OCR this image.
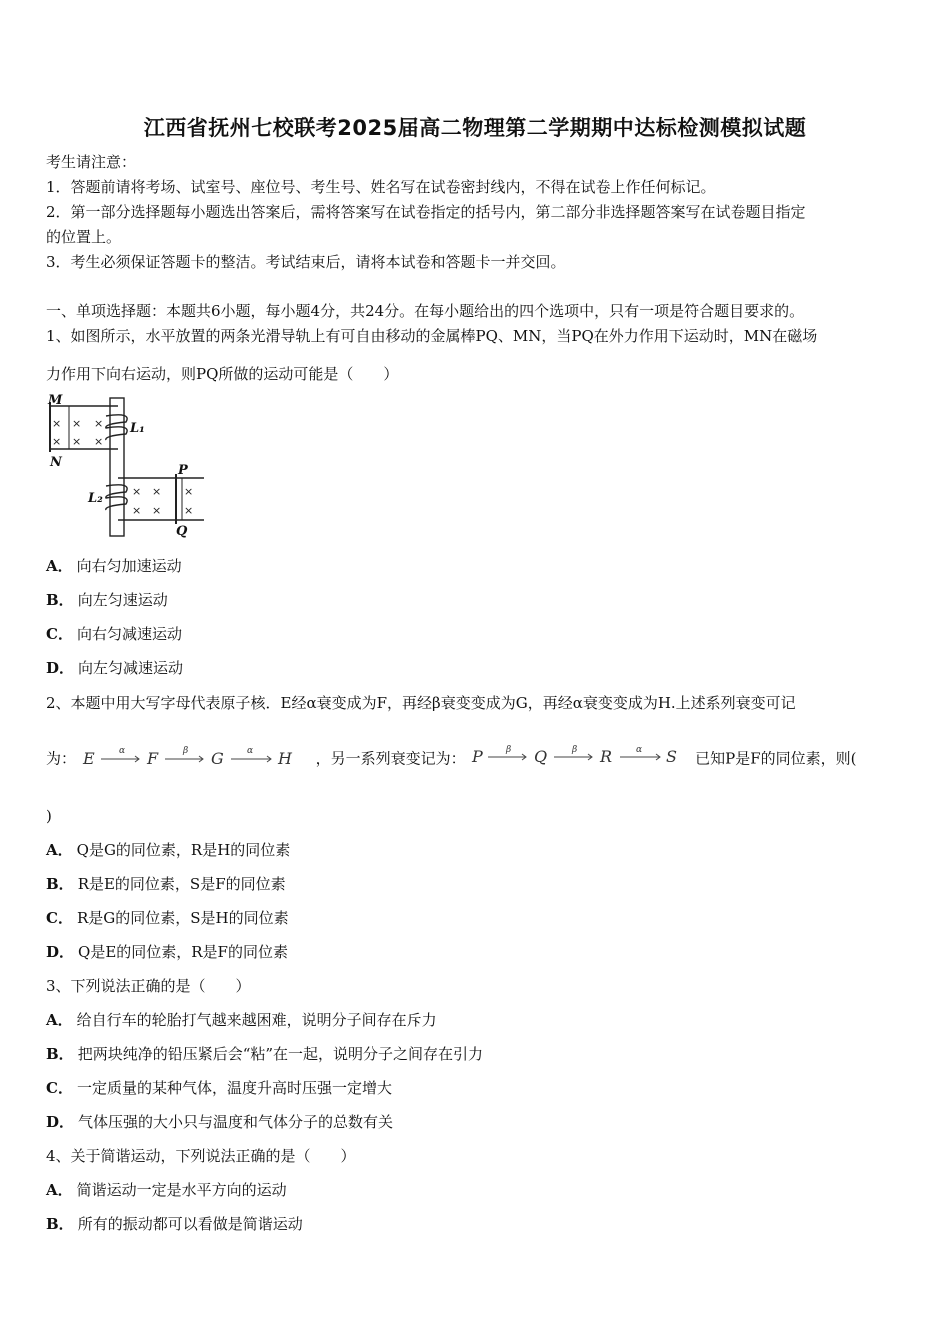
江西省抚州七校联考2025届高二物理第二学期期中达标检测模拟试题
考生请注意：
1．答题前请将考场、试室号、座位号、考生号、姓名写在试卷密封线内，不得在试卷上作任何标记。
2．第一部分选择题每小题选出答案后，需将答案写在试卷指定的括号内，第二部分非选择题答案写在试卷题目指定
的位置上。
3．考生必须保证答题卡的整洁。考试结束后，请将本试卷和答题卡一并交回。
一、单项选择题：本题共6小题，每小题4分，共24分。在每小题给出的四个选项中，只有一项是符合题目要求的。
1、如图所示，水平放置的两条光滑导轨上有可自由移动的金属棒PQ、MN，当PQ在外力作用下运动时，MN在磁场
力作用下向右运动，则PQ所做的运动可能是（　　）
M
N
P
Q
L₁
L₂
× × ×
× × ×
× × ×
× × ×
A． 向右匀加速运动
B． 向左匀速运动
C． 向右匀减速运动
D． 向左匀减速运动
2、本题中用大写字母代表原子核．E经α衰变成为F，再经β衰变变成为G，再经α衰变变成为H.上述系列衰变可记
为： E	F	G	H
α	β	α	，另一系列衰变记为： P	Q	R	S
β	β	α	已知P是F的同位素，则(
)
A． Q是G的同位素，R是H的同位素
B． R是E的同位素，S是F的同位素
C． R是G的同位素，S是H的同位素
D． Q是E的同位素，R是F的同位素
3、下列说法正确的是（　　）
A． 给自行车的轮胎打气越来越困难，说明分子间存在斥力
B． 把两块纯净的铅压紧后会“粘”在一起，说明分子之间存在引力
C． 一定质量的某种气体，温度升高时压强一定增大
D． 气体压强的大小只与温度和气体分子的总数有关
4、关于简谐运动，下列说法正确的是（　　）
A． 简谐运动一定是水平方向的运动
B． 所有的振动都可以看做是简谐运动
